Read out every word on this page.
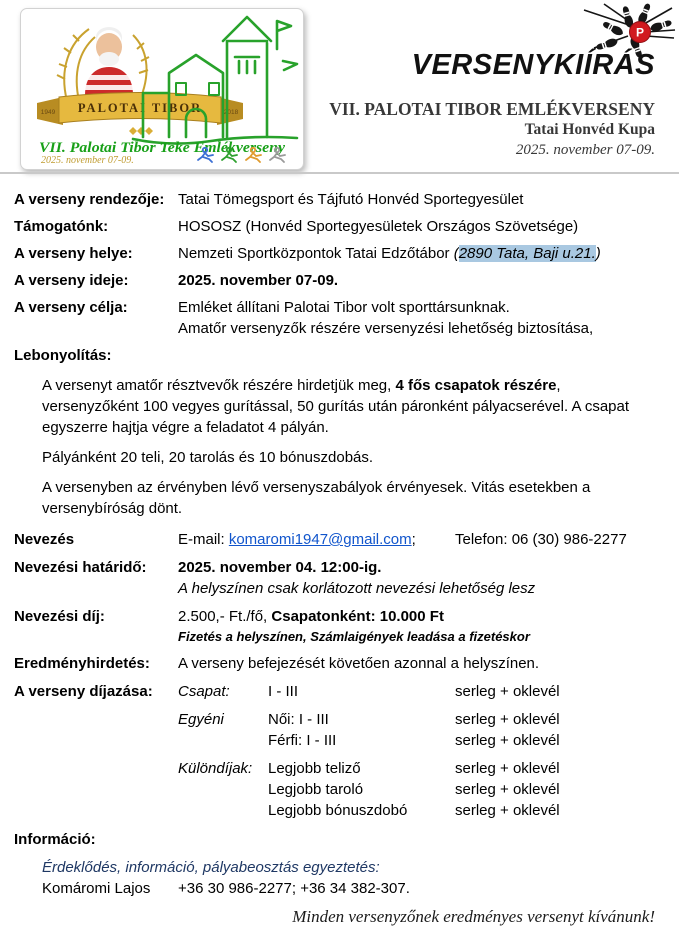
PALOTAI TIBOR
1949	2018
VII. Palotai Tibor Teke Emlékverseny
2025. november 07-09.
P
VERSENYKIÍRÁS
VII. PALOTAI TIBOR EMLÉKVERSENY
Tatai Honvéd Kupa
2025. november 07-09.
A verseny rendezője: Tatai Tömegsport és Tájfutó Honvéd Sportegyesület
Támogatónk:	HOSOSZ (Honvéd Sportegyesületek Országos Szövetsége)
A verseny helye:	Nemzeti Sportközpontok Tatai Edzőtábor (2890 Tata, Baji u.21.)
A verseny ideje:	2025. november 07-09.
A verseny célja:	Emléket állítani Palotai Tibor volt sporttársunknak.
Amatőr versenyzők részére versenyzési lehetőség biztosítása,
Lebonyolítás:
A versenyt amatőr résztvevők részére hirdetjük meg, 4 fős csapatok részére, versenyzőként 100 vegyes gurítással, 50 gurítás után páronként pályacserével. A csapat egyszerre hajtja végre a feladatot 4 pályán.
Pályánként 20 teli, 20 tarolás és 10 bónuszdobás.
A versenyben az érvényben lévő versenyszabályok érvényesek. Vitás esetekben a versenybíróság dönt.
Nevezés	E-mail: komaromi1947@gmail.com;	Telefon: 06 (30) 986-2277
Nevezési határidő:	2025. november 04. 12:00-ig.
A helyszínen csak korlátozott nevezési lehetőség lesz
Nevezési díj:	2.500,- Ft./fő, Csapatonként: 10.000 Ft
Fizetés a helyszínen, Számlaigények leadása a fizetéskor
Eredményhirdetés:	A verseny befejezését követően azonnal a helyszínen.
A verseny díjazása:	Csapat:	I - III	serleg + oklevél
Egyéni	Női: I - III	serleg + oklevél
Férfi: I - III	serleg + oklevél
Különdíjak:	Legjobb teliző	serleg + oklevél
Legjobb taroló	serleg + oklevél
Legjobb bónuszdobó	serleg + oklevél
Információ:
Érdeklődés, információ, pályabeosztás egyeztetés:
Komáromi Lajos	+36 30 986-2277; +36 34 382-307.
Minden versenyzőnek eredményes versenyt kívánunk!
